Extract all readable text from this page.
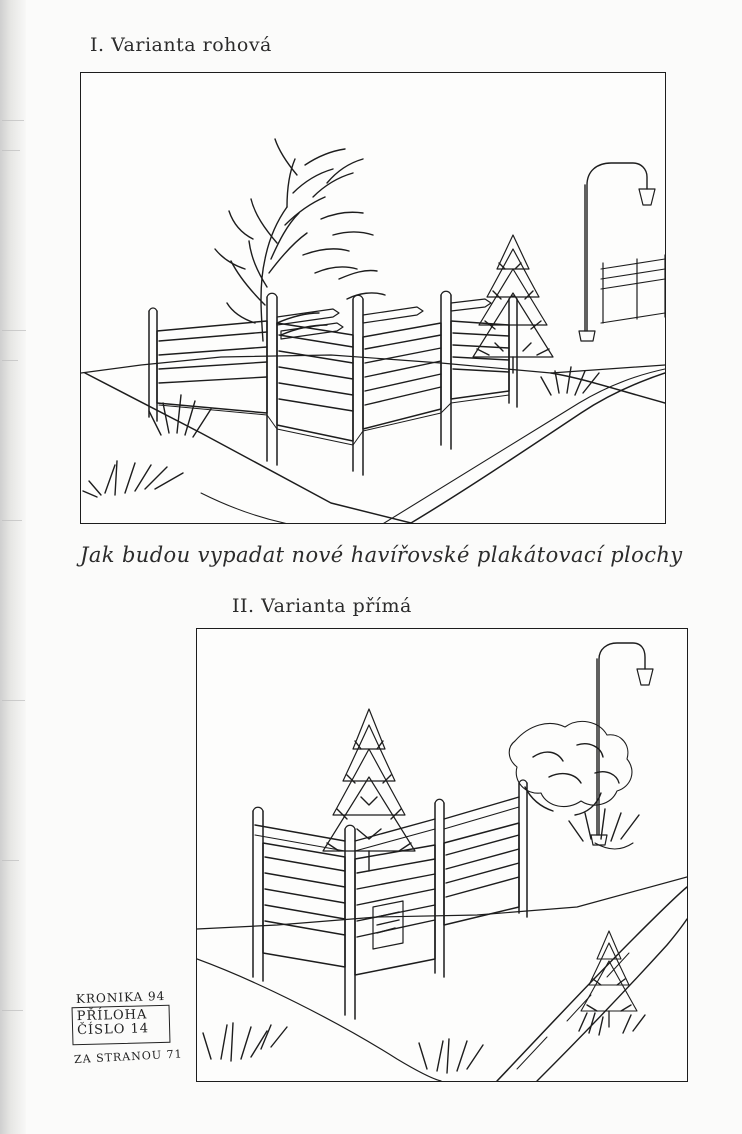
I. Varianta rohová
Jak budou vypadat nové havířovské plakátovací plochy
II. Varianta přímá
KRONIKA 94
PŘÍLOHA
ČÍSLO 14
ZA STRANOU 71
